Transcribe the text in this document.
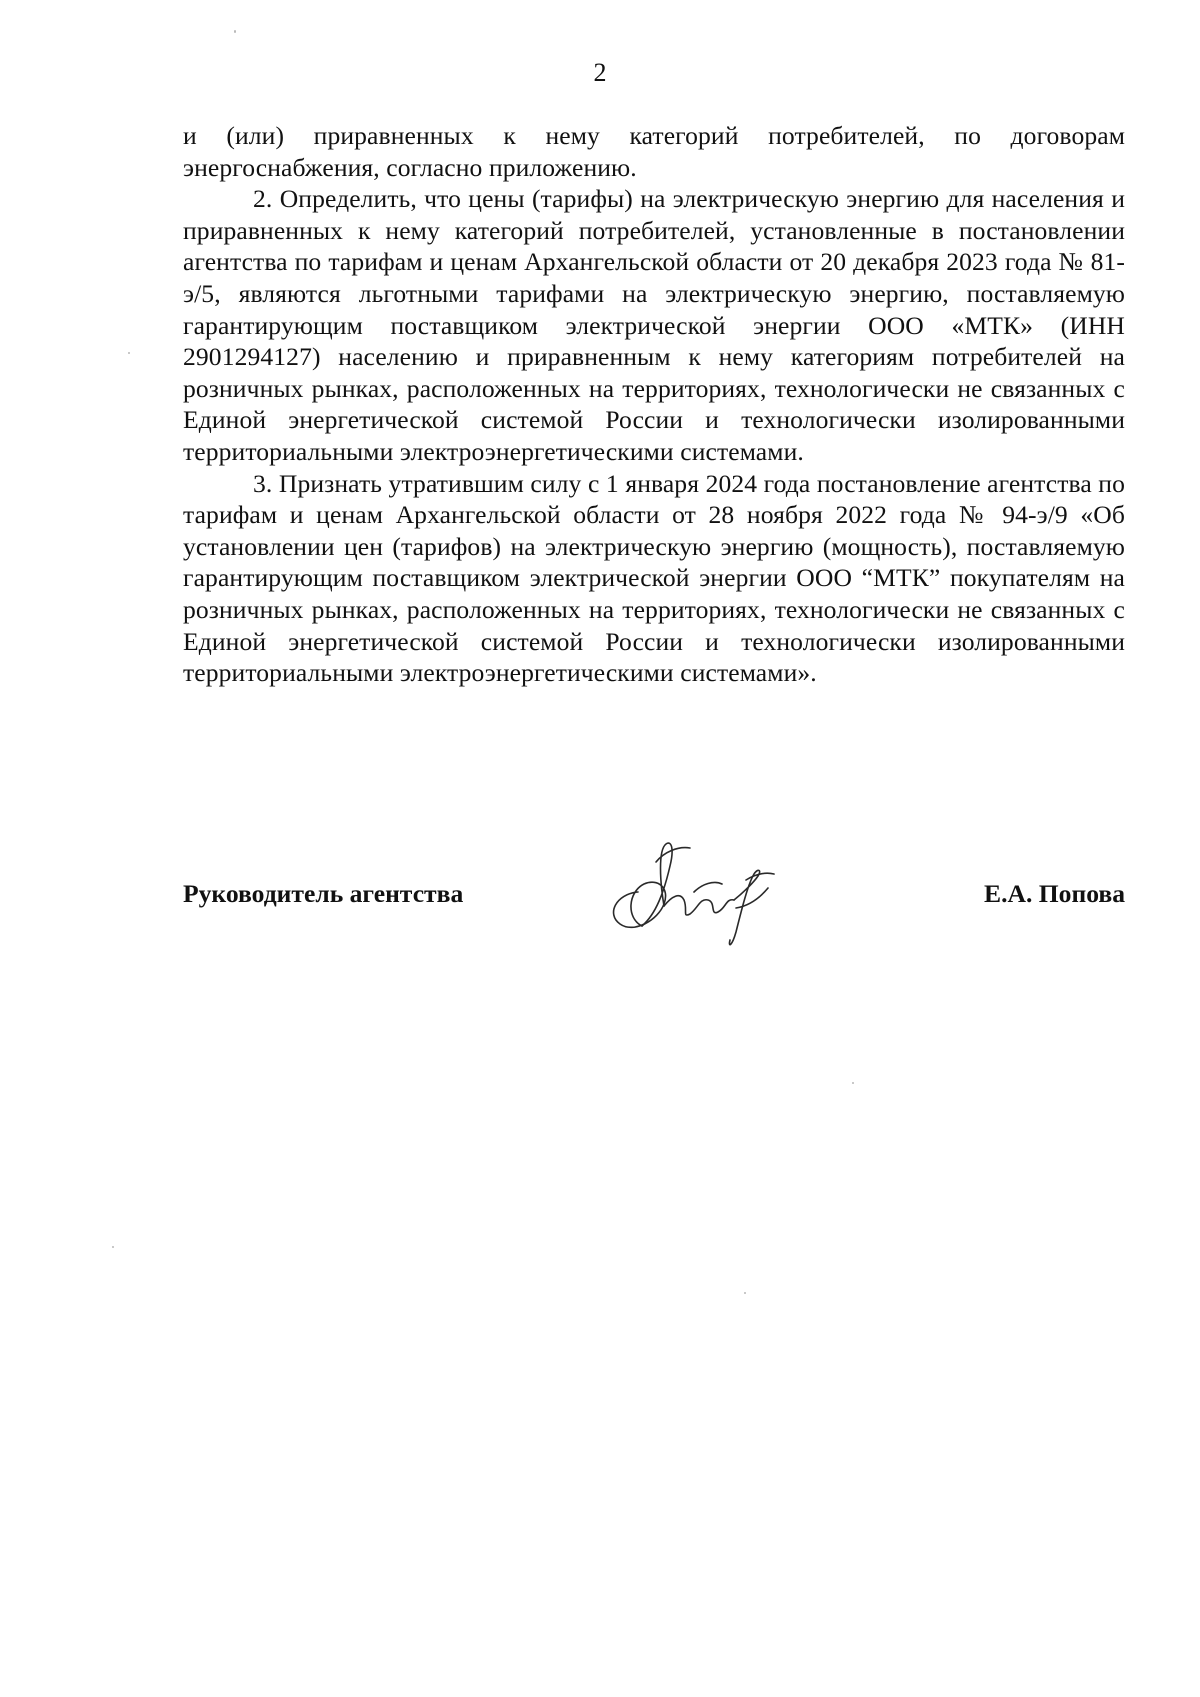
2

и (или) приравненных к нему категорий потребителей, по договорам энергоснабжения, согласно приложению.

2. Определить, что цены (тарифы) на электрическую энергию для населения и приравненных к нему категорий потребителей, установленные в постановлении агентства по тарифам и ценам Архангельской области от 20 декабря 2023 года № 81-э/5, являются льготными тарифами на электрическую энергию, поставляемую гарантирующим поставщиком электрической энергии ООО «МТК» (ИНН 2901294127) населению и приравненным к нему категориям потребителей на розничных рынках, расположенных на территориях, технологически не связанных с Единой энергетической системой России и технологически изолированными территориальными электроэнергетическими системами.

3. Признать утратившим силу с 1 января 2024 года постановление агентства по тарифам и ценам Архангельской области от 28 ноября 2022 года № 94-э/9 «Об установлении цен (тарифов) на электрическую энергию (мощность), поставляемую гарантирующим поставщиком электрической энергии ООО “МТК” покупателям на розничных рынках, расположенных на территориях, технологически не связанных с Единой энергетической системой России и технологически изолированными территориальными электроэнергетическими системами».

Руководитель агентства	Е.А. Попова
